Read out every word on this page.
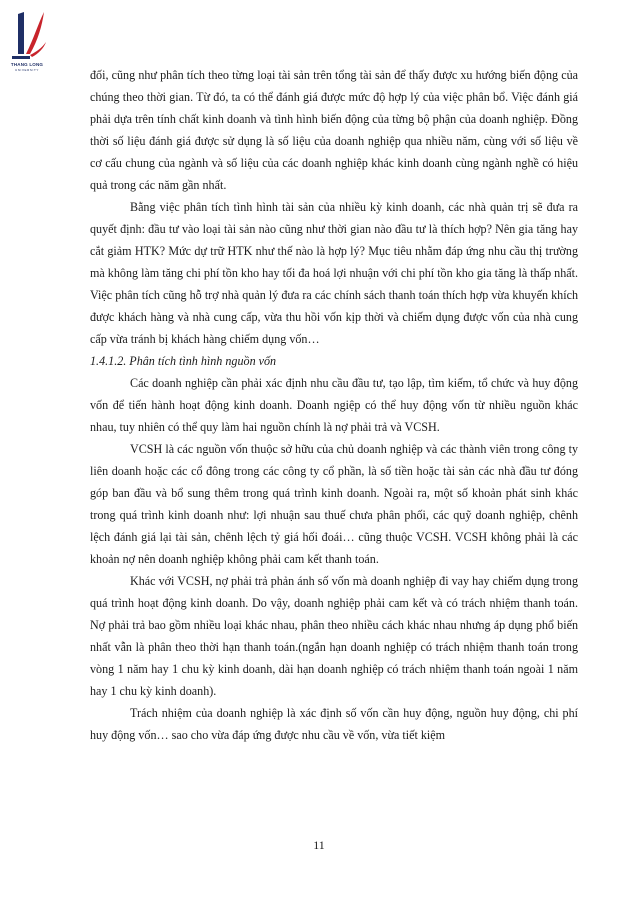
THANG LONG
UNIVERSITY	đối, cũng như phân tích theo từng loại tài sản trên tổng tài sản để thấy được xu hướng biến động của chúng theo thời gian. Từ đó, ta có thể đánh giá được mức độ hợp lý của việc phân bổ. Việc đánh giá phải dựa trên tính chất kinh doanh và tình hình biến động của từng bộ phận của doanh nghiệp. Đồng thời số liệu đánh giá được sử dụng là số liệu của doanh nghiệp qua nhiều năm, cùng với số liệu về cơ cấu chung của ngành và số liệu của các doanh nghiệp khác kinh doanh cùng ngành nghề có hiệu quả trong các năm gần nhất.

Bằng việc phân tích tình hình tài sản của nhiều kỳ kinh doanh, các nhà quản trị sẽ đưa ra quyết định: đầu tư vào loại tài sản nào cũng như thời gian nào đầu tư là thích hợp? Nên gia tăng hay cắt giảm HTK? Mức dự trữ HTK như thế nào là hợp lý? Mục tiêu nhằm đáp ứng nhu cầu thị trường mà không làm tăng chi phí tồn kho hay tối đa hoá lợi nhuận với chi phí tồn kho gia tăng là thấp nhất. Việc phân tích cũng hỗ trợ nhà quản lý đưa ra các chính sách thanh toán thích hợp vừa khuyến khích được khách hàng và nhà cung cấp, vừa thu hồi vốn kịp thời và chiếm dụng được vốn của nhà cung cấp vừa tránh bị khách hàng chiếm dụng vốn…

1.4.1.2. Phân tích tình hình nguồn vốn

Các doanh nghiệp cần phải xác định nhu cầu đầu tư, tạo lập, tìm kiếm, tổ chức và huy động vốn để tiến hành hoạt động kinh doanh. Doanh ngiệp có thể huy động vốn từ nhiều nguồn khác nhau, tuy nhiên có thể quy làm hai nguồn chính là nợ phải trả và VCSH.

VCSH là các nguồn vốn thuộc sở hữu của chủ doanh nghiệp và các thành viên trong công ty liên doanh hoặc các cổ đông trong các công ty cổ phần, là số tiền hoặc tài sản các nhà đầu tư đóng góp ban đầu và bổ sung thêm trong quá trình kinh doanh. Ngoài ra, một số khoản phát sinh khác trong quá trình kinh doanh như: lợi nhuận sau thuế chưa phân phối, các quỹ doanh nghiệp, chênh lệch đánh giá lại tài sản, chênh lệch tỷ giá hối đoái… cũng thuộc VCSH. VCSH không phải là các khoản nợ nên doanh nghiệp không phải cam kết thanh toán.

Khác với VCSH, nợ phải trả phản ánh số vốn mà doanh nghiệp đi vay hay chiếm dụng trong quá trình hoạt động kinh doanh. Do vậy, doanh nghiệp phải cam kết và có trách nhiệm thanh toán. Nợ phải trả bao gồm nhiều loại khác nhau, phân theo nhiều cách khác nhau nhưng áp dụng phổ biến nhất vẫn là phân theo thời hạn thanh toán.(ngắn hạn doanh nghiệp có trách nhiệm thanh toán trong vòng 1 năm hay 1 chu kỳ kinh doanh, dài hạn doanh nghiệp có trách nhiệm thanh toán ngoài 1 năm hay 1 chu kỳ kinh doanh).

Trách nhiệm của doanh nghiệp là xác định số vốn cần huy động, nguồn huy động, chi phí huy động vốn… sao cho vừa đáp ứng được nhu cầu về vốn, vừa tiết kiệm

11
